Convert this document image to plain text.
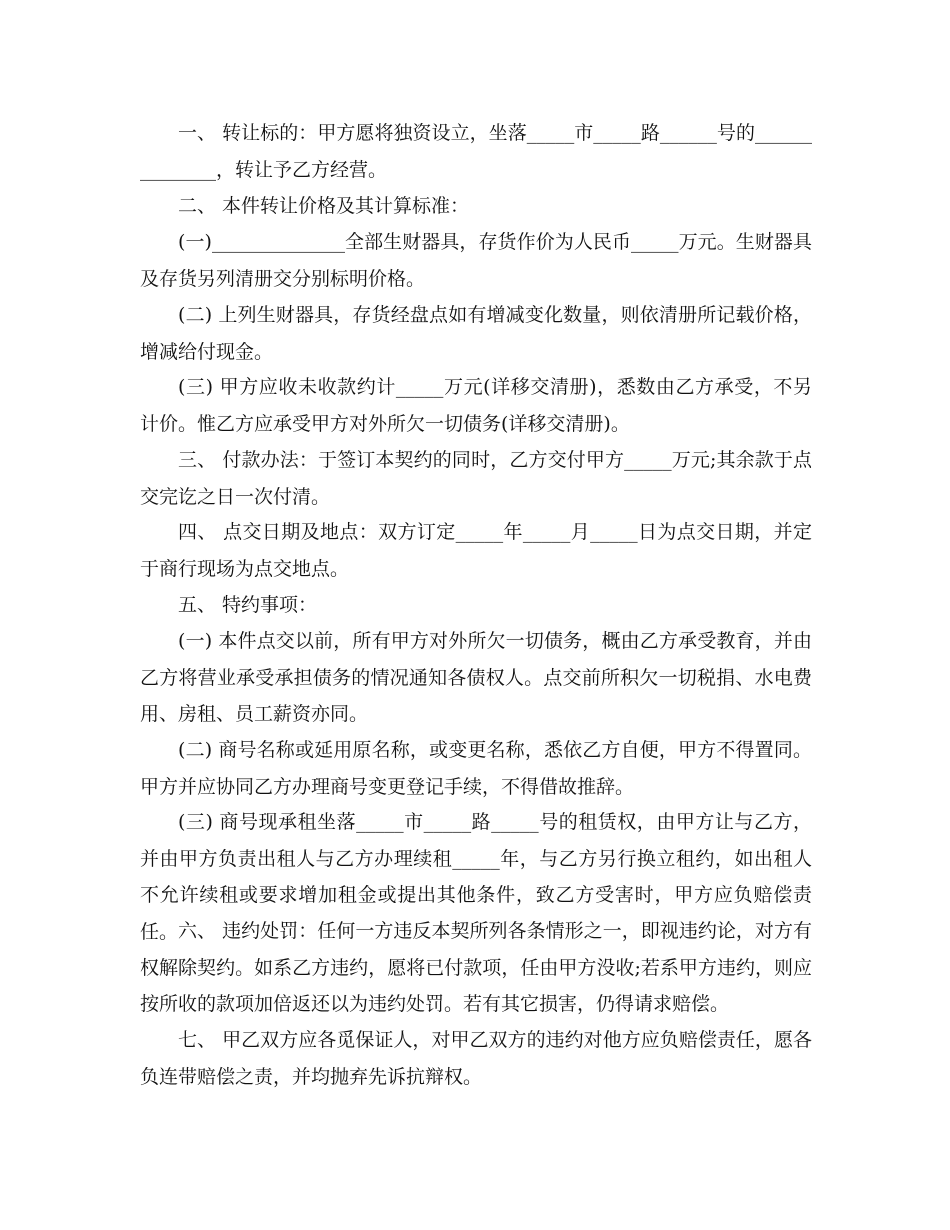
一、 转让标的：甲方愿将独资设立，坐落_____市_____路______号的______________，转让予乙方经营。

二、 本件转让价格及其计算标准：

(一)______________全部生财器具，存货作价为人民币_____万元。生财器具及存货另列清册交分别标明价格。

(二) 上列生财器具，存货经盘点如有增减变化数量，则依清册所记载价格，增减给付现金。

(三) 甲方应收未收款约计_____万元(详移交清册)，悉数由乙方承受，不另计价。惟乙方应承受甲方对外所欠一切债务(详移交清册)。

三、 付款办法：于签订本契约的同时，乙方交付甲方_____万元;其余款于点交完讫之日一次付清。

四、 点交日期及地点：双方订定_____年_____月_____日为点交日期，并定于商行现场为点交地点。

五、 特约事项：

(一) 本件点交以前，所有甲方对外所欠一切债务，概由乙方承受教育，并由乙方将营业承受承担债务的情况通知各债权人。点交前所积欠一切税捐、水电费用、房租、员工薪资亦同。

(二) 商号名称或延用原名称，或变更名称，悉依乙方自便，甲方不得置同。甲方并应协同乙方办理商号变更登记手续，不得借故推辞。

(三) 商号现承租坐落_____市_____路_____号的租赁权，由甲方让与乙方，并由甲方负责出租人与乙方办理续租_____年，与乙方另行换立租约，如出租人不允许续租或要求增加租金或提出其他条件，致乙方受害时，甲方应负赔偿责任。 六、 违约处罚：任何一方违反本契所列各条情形之一，即视违约论，对方有权解除契约。如系乙方违约，愿将已付款项，任由甲方没收;若系甲方违约，则应按所收的款项加倍返还以为违约处罚。若有其它损害，仍得请求赔偿。

七、 甲乙双方应各觅保证人，对甲乙双方的违约对他方应负赔偿责任，愿各负连带赔偿之责，并均抛弃先诉抗辩权。
